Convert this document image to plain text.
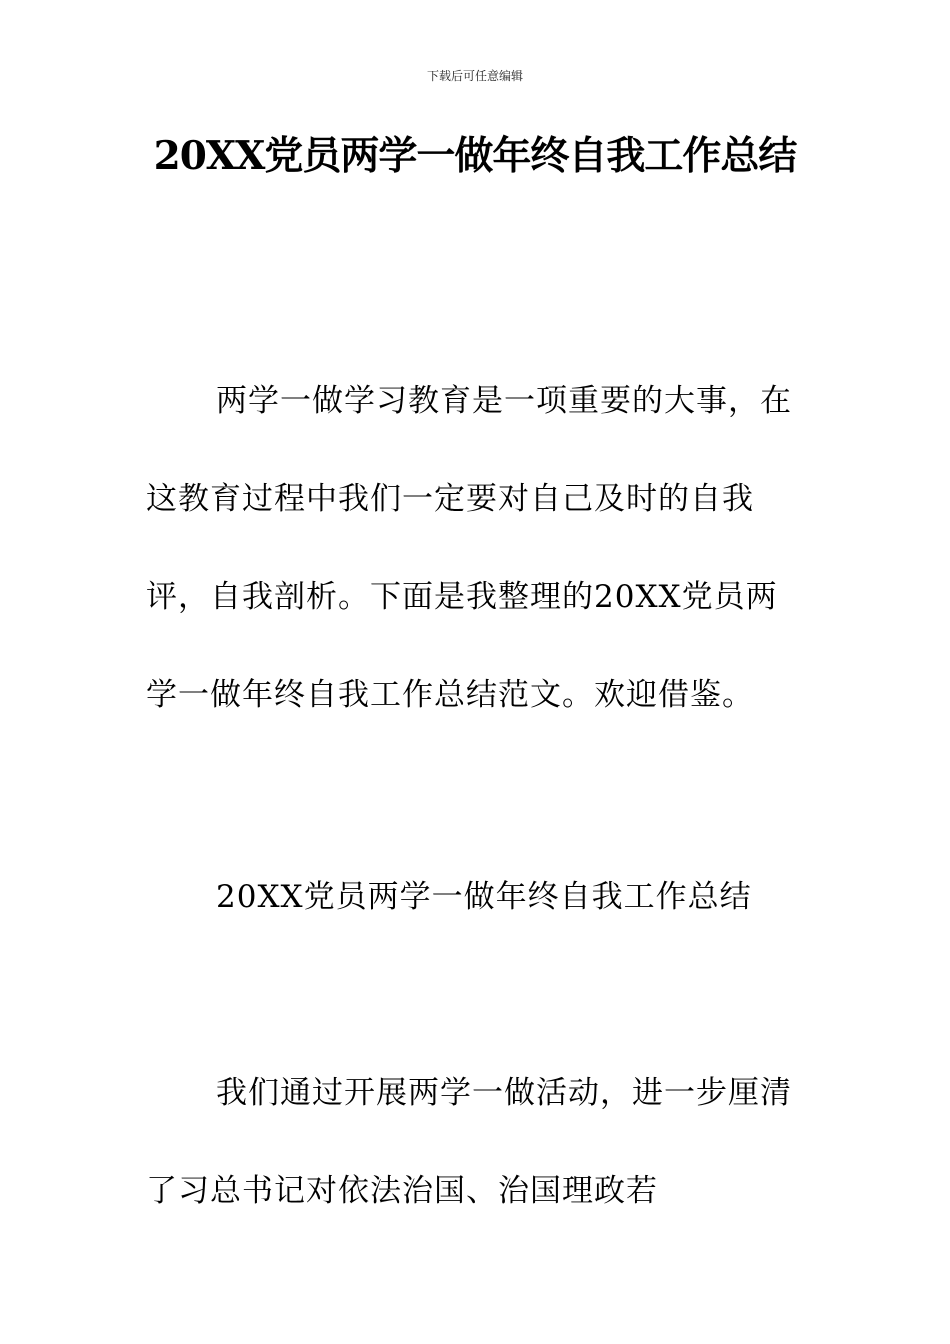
下载后可任意编辑
20XX党员两学一做年终自我工作总结

两学一做学习教育是一项重要的大事，在这教育过程中我们一定要对自己及时的自我评，自我剖析。下面是我整理的20XX党员两学一做年终自我工作总结范文。欢迎借鉴。

20XX党员两学一做年终自我工作总结

我们通过开展两学一做活动，进一步厘清了习总书记对依法治国、治国理政若
